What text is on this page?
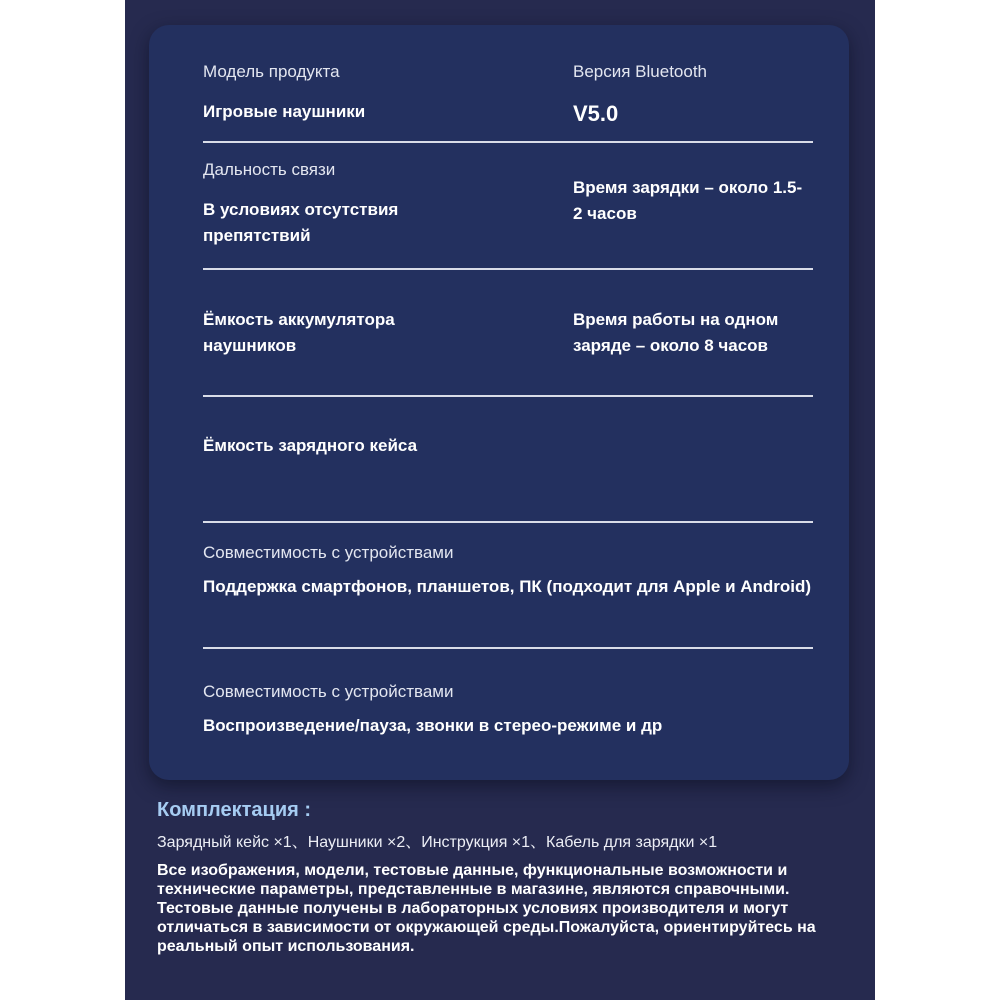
Модель продукта

Игровые наушники

Версия Bluetooth

V5.0

Дальность связи

В условиях отсутствия препятствий

Время зарядки – около 1.5-2 часов

Ёмкость аккумулятора наушников

Время работы на одном заряде – около 8 часов

Ёмкость зарядного кейса

Совместимость с устройствами

Поддержка смартфонов, планшетов, ПК (подходит для Apple и Android)

Совместимость с устройствами

Воспроизведение/пауза, звонки в стерео-режиме и др

Комплектация :

Зарядный кейс ×1、Наушники ×2、Инструкция ×1、Кабель для зарядки ×1

Все изображения, модели, тестовые данные, функциональные возможности и технические параметры, представленные в магазине, являются справочными. Тестовые данные получены в лабораторных условиях производителя и могут отличаться в зависимости от окружающей среды.Пожалуйста, ориентируйтесь на реальный опыт использования.
